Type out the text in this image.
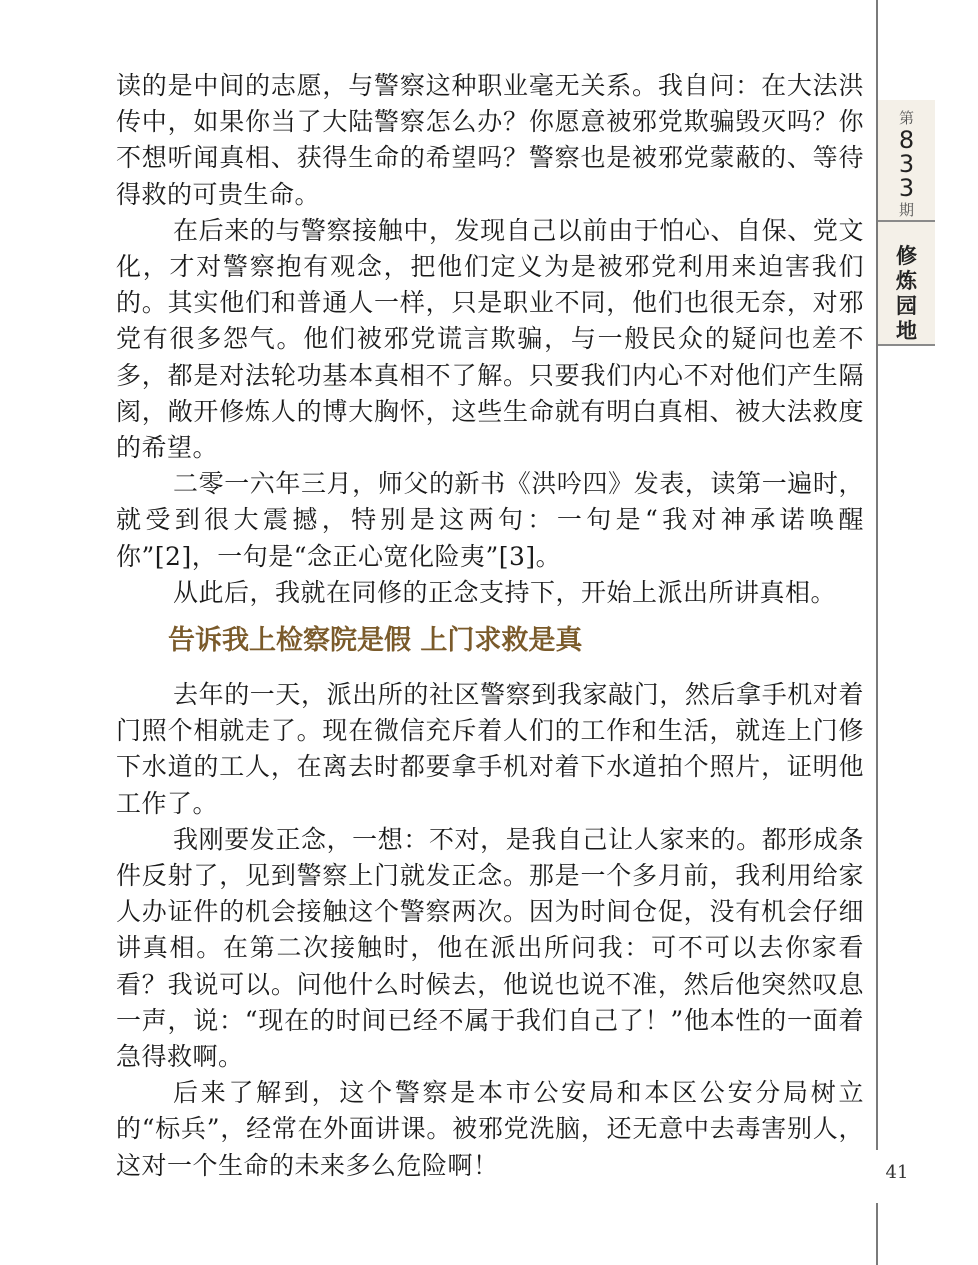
第
8
3
3
期
修
炼
园
地

读的是中间的志愿，与警察这种职业毫无关系。我自问：在大法洪传中，如果你当了大陆警察怎么办？你愿意被邪党欺骗毁灭吗？你不想听闻真相、获得生命的希望吗？警察也是被邪党蒙蔽的、等待得救的可贵生命。

在后来的与警察接触中，发现自己以前由于怕心、自保、党文化，才对警察抱有观念，把他们定义为是被邪党利用来迫害我们的。其实他们和普通人一样，只是职业不同，他们也很无奈，对邪党有很多怨气。他们被邪党谎言欺骗，与一般民众的疑问也差不多，都是对法轮功基本真相不了解。只要我们内心不对他们产生隔阂，敞开修炼人的博大胸怀，这些生命就有明白真相、被大法救度的希望。

二零一六年三月，师父的新书《洪吟四》发表，读第一遍时，就受到很大震撼，特别是这两句：一句是“我对神承诺唤醒你”[2]，一句是“念正心宽化险夷”[3]。

从此后，我就在同修的正念支持下，开始上派出所讲真相。

告诉我上检察院是假 上门求救是真

去年的一天，派出所的社区警察到我家敲门，然后拿手机对着门照个相就走了。现在微信充斥着人们的工作和生活，就连上门修下水道的工人，在离去时都要拿手机对着下水道拍个照片，证明他工作了。

我刚要发正念，一想：不对，是我自己让人家来的。都形成条件反射了，见到警察上门就发正念。那是一个多月前，我利用给家人办证件的机会接触这个警察两次。因为时间仓促，没有机会仔细讲真相。在第二次接触时，他在派出所问我：可不可以去你家看看？我说可以。问他什么时候去，他说也说不准，然后他突然叹息一声，说：“现在的时间已经不属于我们自己了！”他本性的一面着急得救啊。

后来了解到，这个警察是本市公安局和本区公安分局树立的“标兵”，经常在外面讲课。被邪党洗脑，还无意中去毒害别人，这对一个生命的未来多么危险啊！	41
